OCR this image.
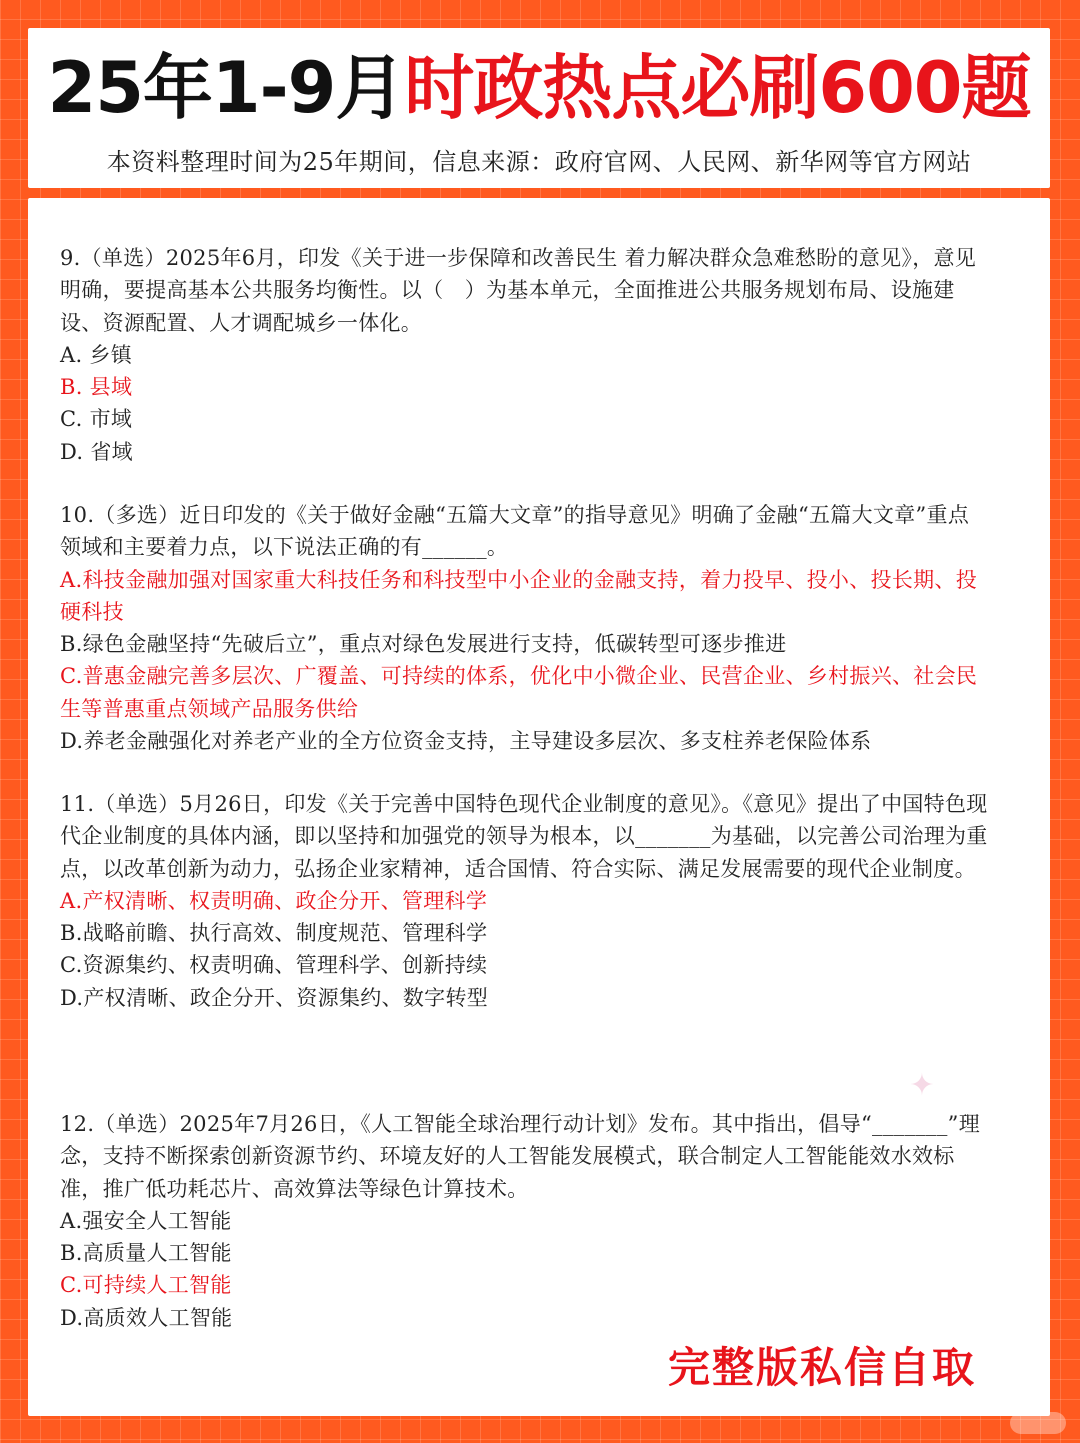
25年1-9月时政热点必刷600题
本资料整理时间为25年期间，信息来源：政府官网、人民网、新华网等官方网站

9.（单选）2025年6月，印发《关于进一步保障和改善民生 着力解决群众急难愁盼的意见》，意见明确，要提高基本公共服务均衡性。以（　）为基本单元，全面推进公共服务规划布局、设施建设、资源配置、人才调配城乡一体化。

A. 乡镇

B. 县域

C. 市域

D. 省域

10.（多选）近日印发的《关于做好金融“五篇大文章”的指导意见》明确了金融“五篇大文章”重点领域和主要着力点，以下说法正确的有______。

A.科技金融加强对国家重大科技任务和科技型中小企业的金融支持，着力投早、投小、投长期、投硬科技

B.绿色金融坚持“先破后立”，重点对绿色发展进行支持，低碳转型可逐步推进

C.普惠金融完善多层次、广覆盖、可持续的体系，优化中小微企业、民营企业、乡村振兴、社会民生等普惠重点领域产品服务供给

D.养老金融强化对养老产业的全方位资金支持，主导建设多层次、多支柱养老保险体系

11.（单选）5月26日，印发《关于完善中国特色现代企业制度的意见》。《意见》提出了中国特色现代企业制度的具体内涵，即以坚持和加强党的领导为根本，以_______为基础，以完善公司治理为重点，以改革创新为动力，弘扬企业家精神，适合国情、符合实际、满足发展需要的现代企业制度。

A.产权清晰、权责明确、政企分开、管理科学

B.战略前瞻、执行高效、制度规范、管理科学

C.资源集约、权责明确、管理科学、创新持续

D.产权清晰、政企分开、资源集约、数字转型

✦

12.（单选）2025年7月26日，《人工智能全球治理行动计划》发布。其中指出，倡导“_______”理念，支持不断探索创新资源节约、环境友好的人工智能发展模式，联合制定人工智能能效水效标准，推广低功耗芯片、高效算法等绿色计算技术。

A.强安全人工智能

B.高质量人工智能

C.可持续人工智能

D.高质效人工智能

完整版私信自取
